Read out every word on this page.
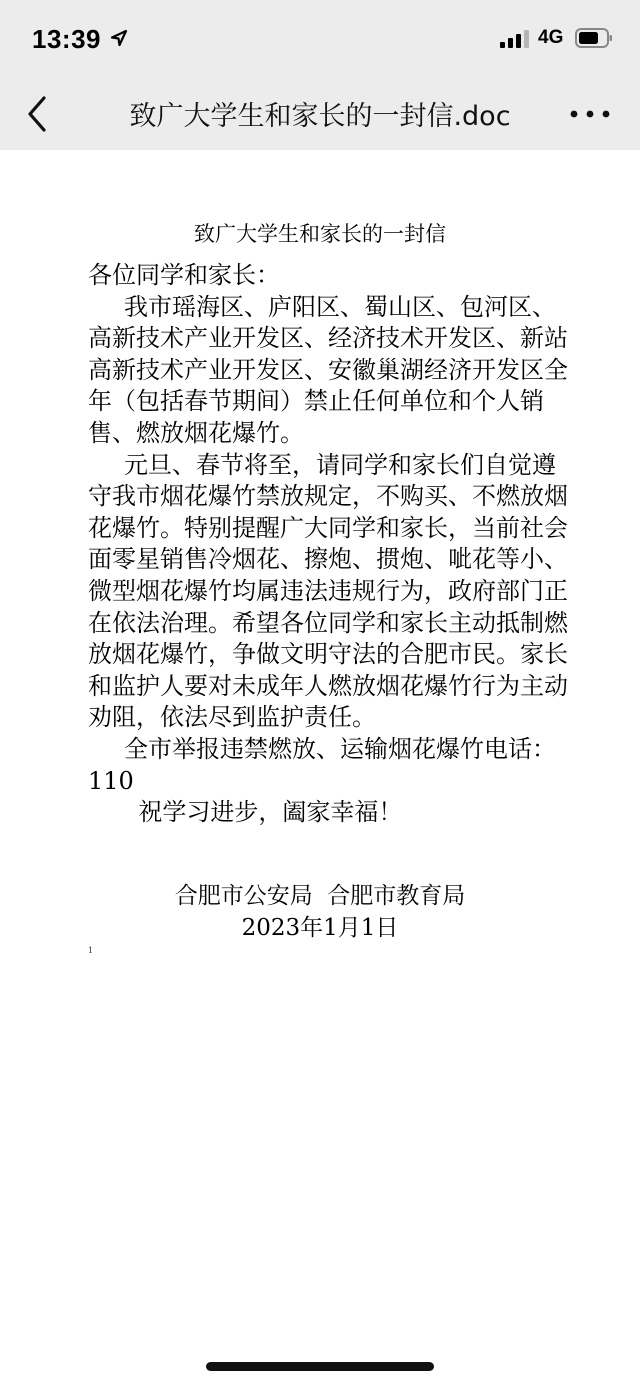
13:39	4G
致广大学生和家长的一封信.doc
致广大学生和家长的一封信

各位同学和家长：

我市瑶海区、庐阳区、蜀山区、包河区、高新技术产业开发区、经济技术开发区、新站高新技术产业开发区、安徽巢湖经济开发区全年（包括春节期间）禁止任何单位和个人销售、燃放烟花爆竹。

元旦、春节将至，请同学和家长们自觉遵守我市烟花爆竹禁放规定，不购买、不燃放烟花爆竹。特别提醒广大同学和家长，当前社会面零星销售冷烟花、擦炮、掼炮、呲花等小、微型烟花爆竹均属违法违规行为，政府部门正在依法治理。希望各位同学和家长主动抵制燃放烟花爆竹，争做文明守法的合肥市民。家长和监护人要对未成年人燃放烟花爆竹行为主动劝阻，依法尽到监护责任。

全市举报违禁燃放、运输烟花爆竹电话：110

祝学习进步，阖家幸福！

合肥市公安局  合肥市教育局
2023年1月1日
1
